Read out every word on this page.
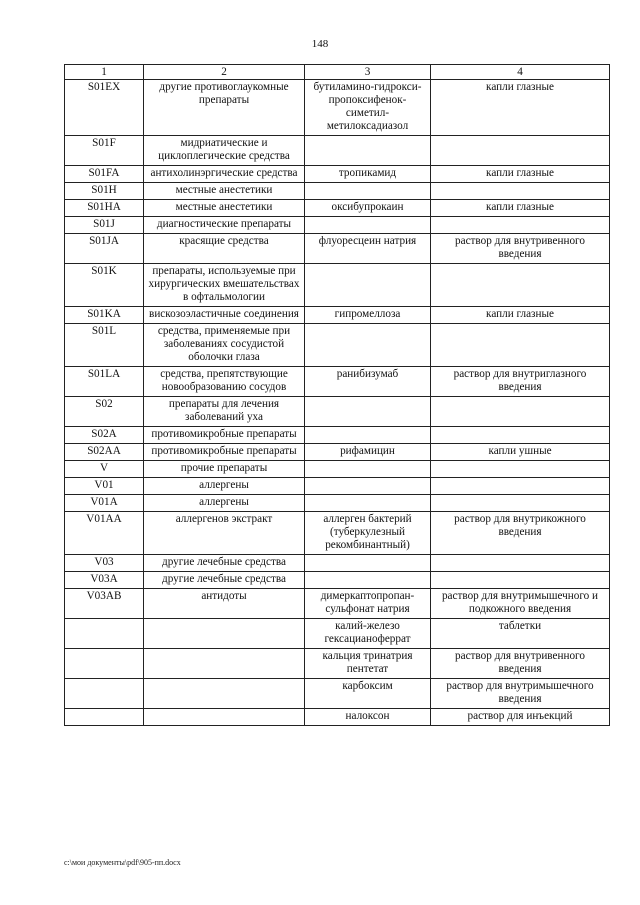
148
1	2	3	4
S01EX	другие противоглаукомные препараты	бутиламино-гидрокси-пропоксифенок-симетил-метилоксадиазол	капли глазные
S01F	мидриатические и циклоплегические средства		
S01FA	антихолинэргические средства	тропикамид	капли глазные
S01H	местные анестетики		
S01HA	местные анестетики	оксибупрокаин	капли глазные
S01J	диагностические препараты		
S01JA	красящие средства	флуоресцеин натрия	раствор для внутривенного введения
S01K	препараты, используемые при хирургических вмешательствах в офтальмологии		
S01KA	вискозоэластичные соединения	гипромеллоза	капли глазные
S01L	средства, применяемые при заболеваниях сосудистой оболочки глаза		
S01LA	средства, препятствующие новообразованию сосудов	ранибизумаб	раствор для внутриглазного введения
S02	препараты для лечения заболеваний уха		
S02A	противомикробные препараты		
S02AA	противомикробные препараты	рифамицин	капли ушные
V	прочие препараты		
V01	аллергены		
V01A	аллергены		
V01AA	аллергенов экстракт	аллерген бактерий (туберкулезный рекомбинантный)	раствор для внутрикожного введения
V03	другие лечебные средства		
V03A	другие лечебные средства		
V03AB	антидоты	димеркаптопропан-сульфонат натрия	раствор для внутримышечного и подкожного введения
		калий-железо гексацианоферрат	таблетки
		кальция тринатрия пентетат	раствор для внутривенного введения
		карбоксим	раствор для внутримышечного введения
		налоксон	раствор для инъекций
c:\мои документы\pdf\905-пп.docx
